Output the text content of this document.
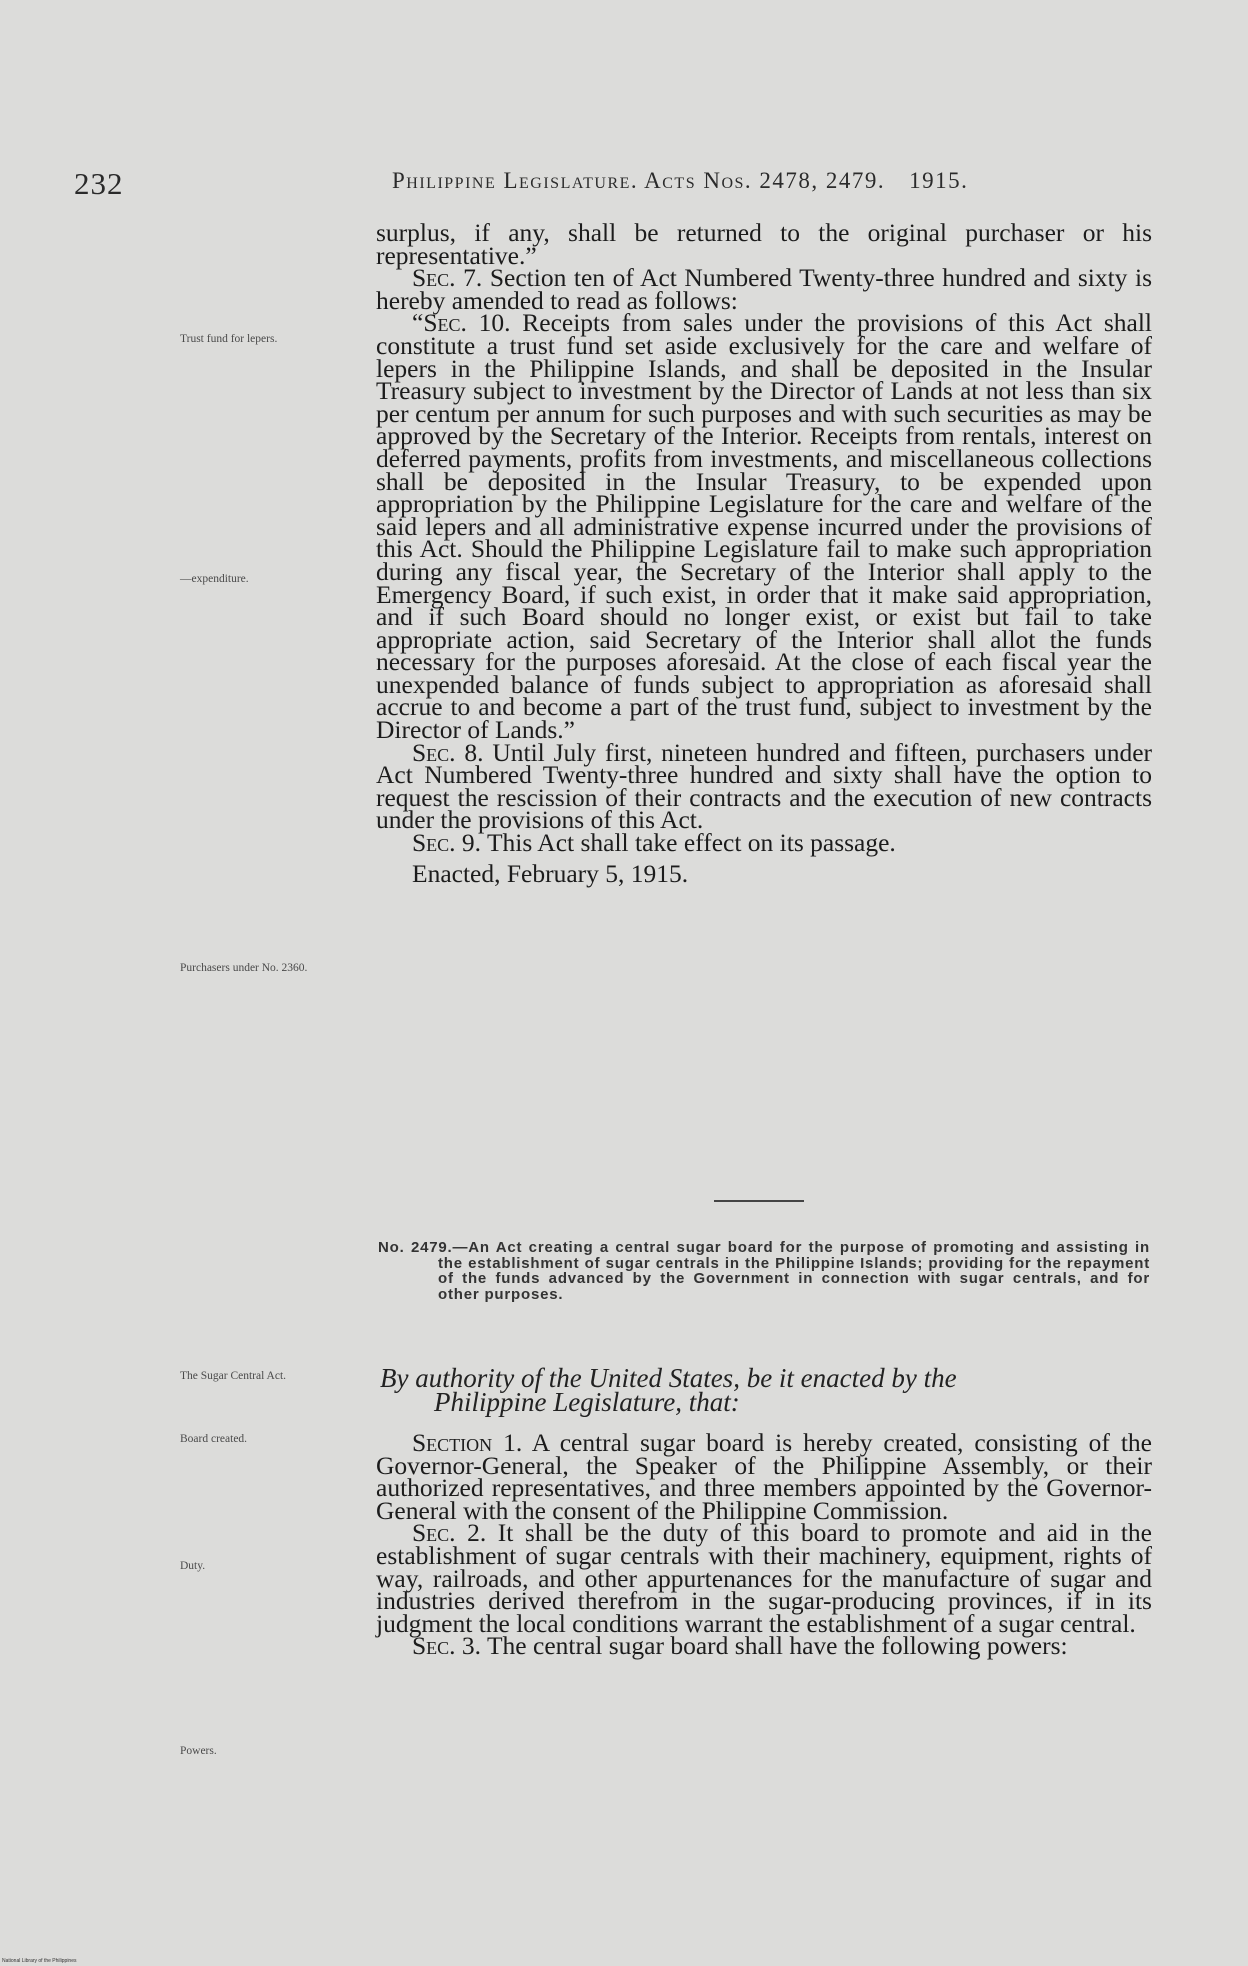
232	Philippine Legislature. Acts Nos. 2478, 2479. 1915.

surplus, if any, shall be returned to the original purchaser or his representative.”

Sec. 7. Section ten of Act Numbered Twenty-three hundred and sixty is hereby amended to read as follows:

“Sec. 10. Receipts from sales under the provisions of this Act shall constitute a trust fund set aside exclusively for the care and welfare of lepers in the Philippine Islands, and shall be deposited in the Insular Treasury subject to investment by the Director of Lands at not less than six per centum per annum for such purposes and with such securities as may be approved by the Secretary of the Interior. Receipts from rentals, interest on deferred payments, profits from investments, and miscellaneous collections shall be deposited in the Insular Treasury, to be expended upon appropriation by the Philippine Legislature for the care and welfare of the said lepers and all administrative expense incurred under the provisions of this Act. Should the Philippine Legislature fail to make such appropriation during any fiscal year, the Secretary of the Interior shall apply to the Emergency Board, if such exist, in order that it make said appropriation, and if such Board should no longer exist, or exist but fail to take appropriate action, said Secretary of the Interior shall allot the funds necessary for the purposes aforesaid. At the close of each fiscal year the unexpended balance of funds subject to appropriation as aforesaid shall accrue to and become a part of the trust fund, subject to investment by the Director of Lands.”

Sec. 8. Until July first, nineteen hundred and fifteen, purchasers under Act Numbered Twenty-three hundred and sixty shall have the option to request the rescission of their contracts and the execution of new contracts under the provisions of this Act.

Sec. 9. This Act shall take effect on its passage.

Enacted, February 5, 1915.

Trust fund for lepers.
—expenditure.
Purchasers under No. 2360.
The Sugar Central Act.
Board created.
Duty.
Powers.
No. 2479.—An Act creating a central sugar board for the purpose of promoting and assisting in the establishment of sugar centrals in the Philippine Islands; providing for the repayment of the funds advanced by the Government in connection with sugar centrals, and for other purposes.
By authority of the United States, be it enacted by the
Philippine Legislature, that:

Section 1. A central sugar board is hereby created, consisting of the Governor-General, the Speaker of the Philippine Assembly, or their authorized representatives, and three members appointed by the Governor-General with the consent of the Philippine Commission.

Sec. 2. It shall be the duty of this board to promote and aid in the establishment of sugar centrals with their machinery, equipment, rights of way, railroads, and other appurtenances for the manufacture of sugar and industries derived therefrom in the sugar-producing provinces, if in its judgment the local conditions warrant the establishment of a sugar central.

Sec. 3. The central sugar board shall have the following powers:

National Library of the Philippines
